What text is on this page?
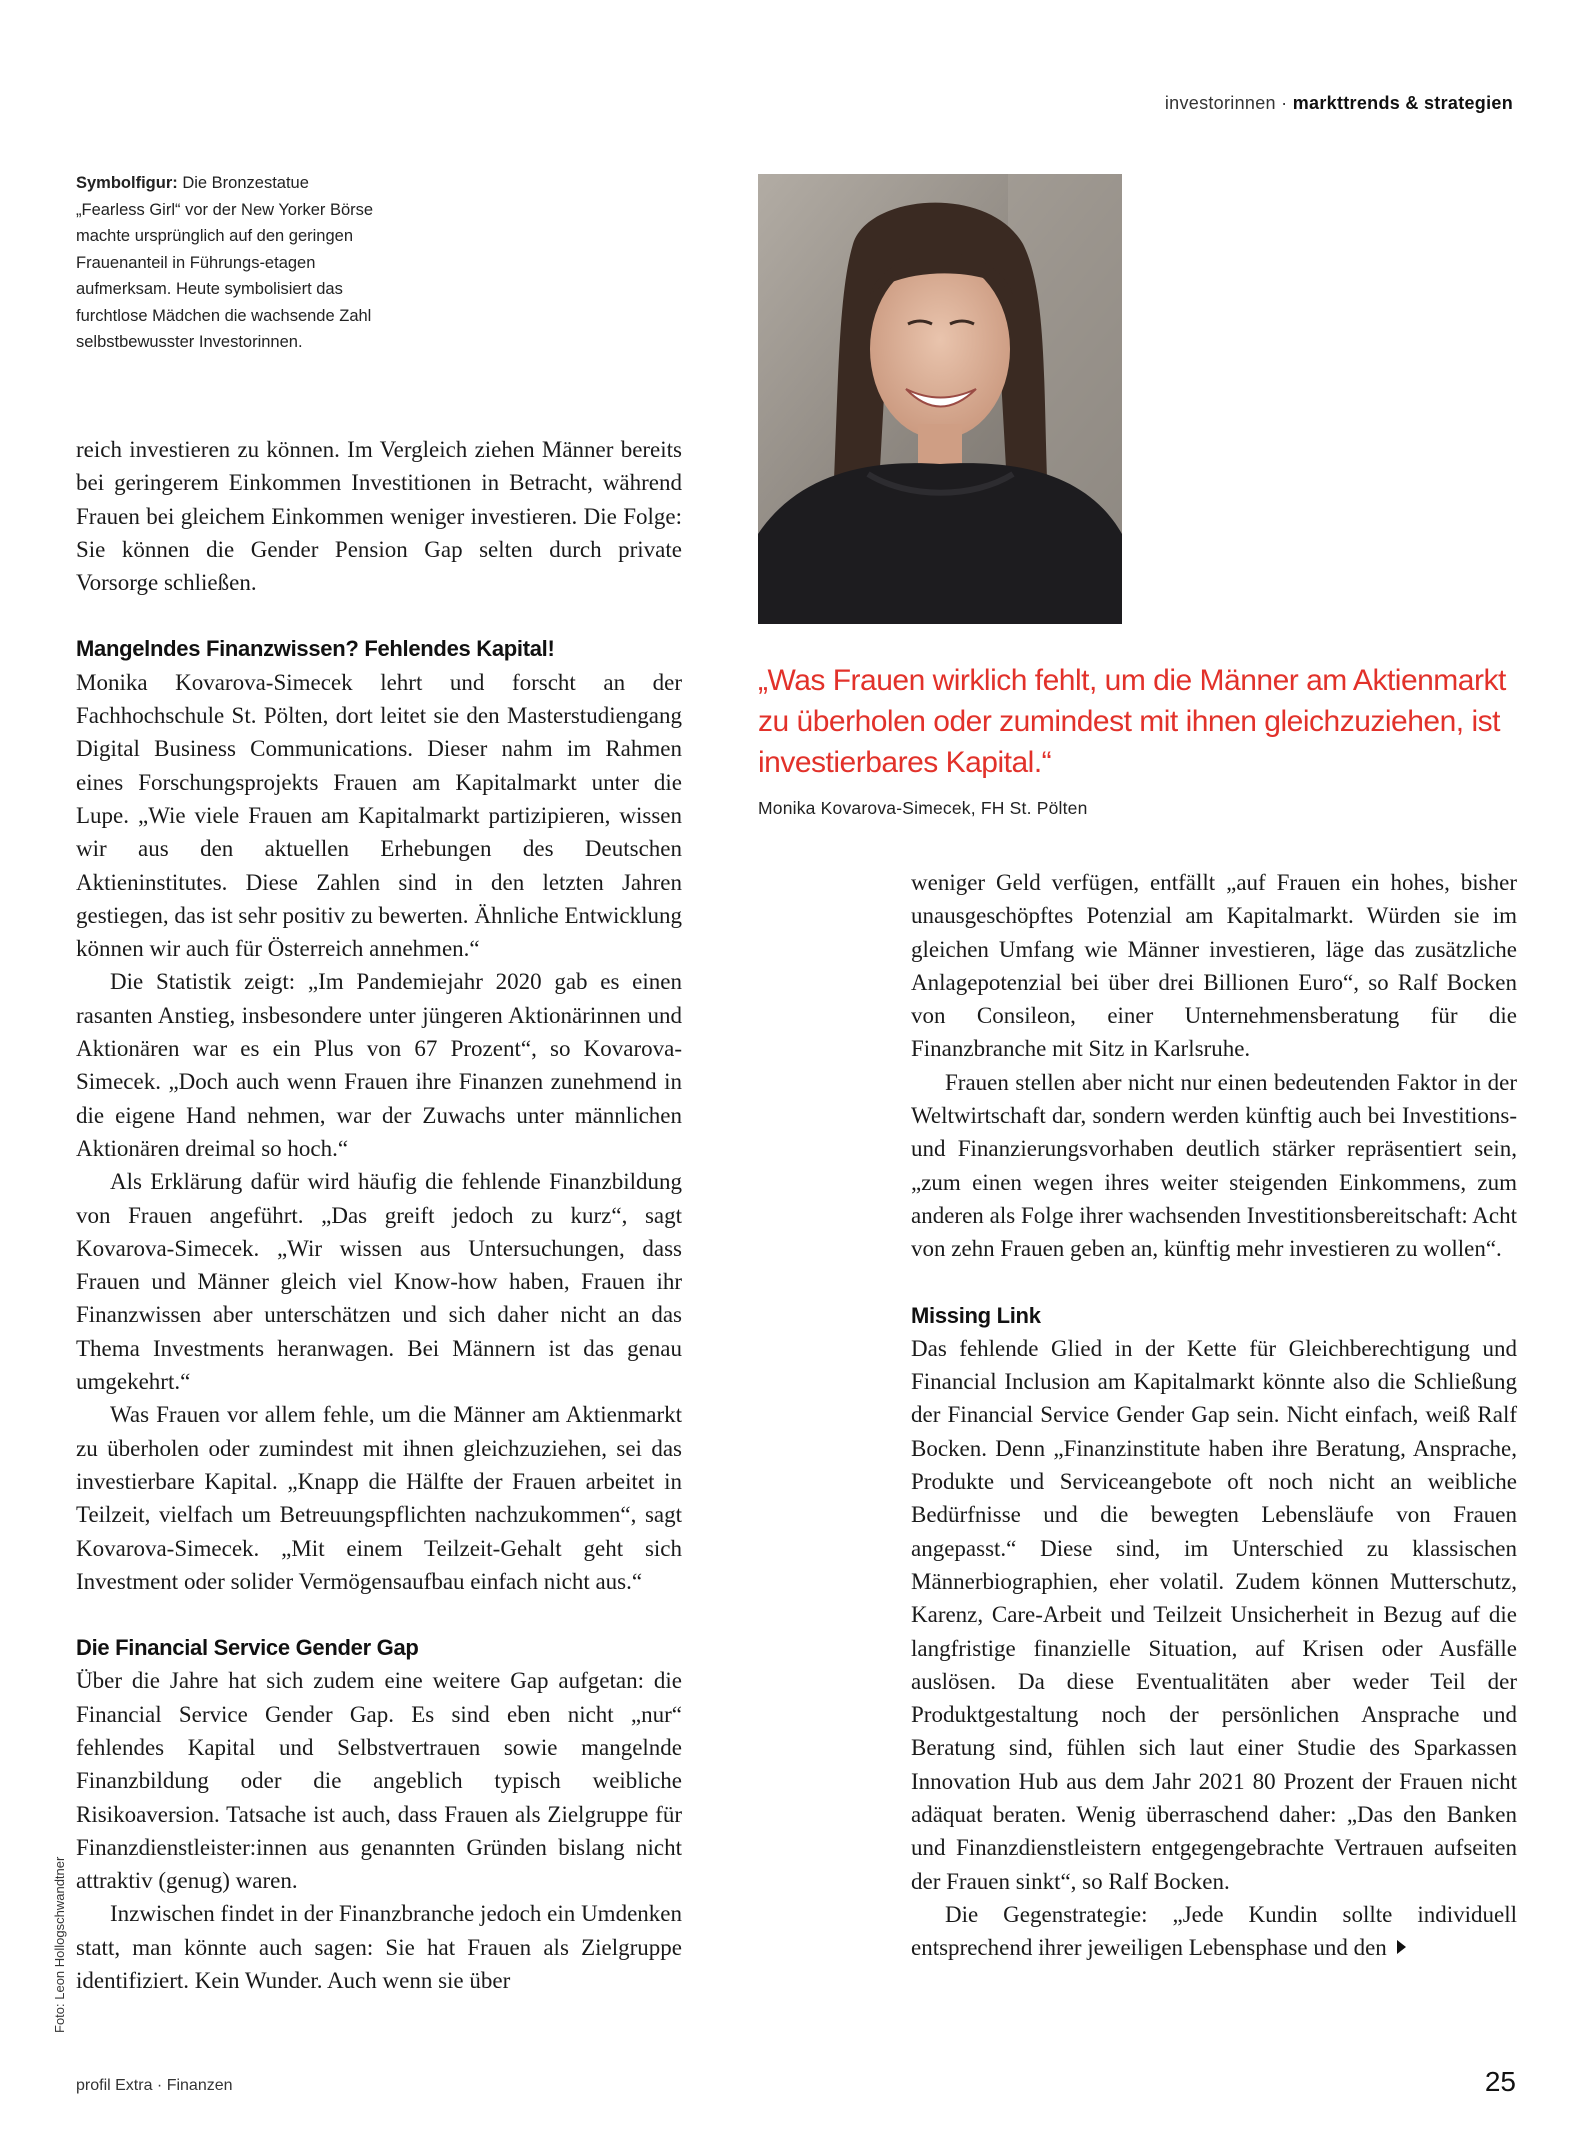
investorinnen · markttrends & strategien
Symbolfigur: Die Bronzestatue „Fearless Girl“ vor der New Yorker Börse machte ursprünglich auf den geringen Frauenanteil in Führungs-etagen aufmerksam. Heute symbolisiert das furchtlose Mädchen die wachsende Zahl selbstbewusster Investorinnen.
„Was Frauen wirklich fehlt, um die Männer am Aktienmarkt zu überholen oder zumindest mit ihnen gleichzuziehen, ist investierbares Kapital.“
Monika Kovarova-Simecek, FH St. Pölten

reich investieren zu können. Im Vergleich ziehen Männer bereits bei geringerem Einkommen Investitionen in Betracht, während Frauen bei gleichem Einkommen weniger investieren. Die Folge: Sie können die Gender Pension Gap selten durch private Vorsorge schließen.

Mangelndes Finanzwissen? Fehlendes Kapital!

Monika Kovarova-Simecek lehrt und forscht an der Fachhochschule St. Pölten, dort leitet sie den Masterstudiengang Digital Business Communications. Dieser nahm im Rahmen eines Forschungsprojekts Frauen am Kapitalmarkt unter die Lupe. „Wie viele Frauen am Kapitalmarkt partizipieren, wissen wir aus den aktuellen Erhebungen des Deutschen Aktieninstitutes. Diese Zahlen sind in den letzten Jahren gestiegen, das ist sehr positiv zu bewerten. Ähnliche Entwicklung können wir auch für Österreich annehmen.“

Die Statistik zeigt: „Im Pandemiejahr 2020 gab es einen rasanten Anstieg, insbesondere unter jüngeren Aktionärinnen und Aktionären war es ein Plus von 67 Prozent“, so Kovarova-Simecek. „Doch auch wenn Frauen ihre Finanzen zunehmend in die eigene Hand nehmen, war der Zuwachs unter männlichen Aktionären dreimal so hoch.“

Als Erklärung dafür wird häufig die fehlende Finanzbildung von Frauen angeführt. „Das greift jedoch zu kurz“, sagt Kovarova-Simecek. „Wir wissen aus Untersuchungen, dass Frauen und Männer gleich viel Know-how haben, Frauen ihr Finanzwissen aber unterschätzen und sich daher nicht an das Thema Investments heranwagen. Bei Männern ist das genau umgekehrt.“

Was Frauen vor allem fehle, um die Männer am Aktienmarkt zu überholen oder zumindest mit ihnen gleichzuziehen, sei das investierbare Kapital. „Knapp die Hälfte der Frauen arbeitet in Teilzeit, vielfach um Betreuungspflichten nachzukommen“, sagt Kovarova-Simecek. „Mit einem Teilzeit-Gehalt geht sich Investment oder solider Vermögensaufbau einfach nicht aus.“

Die Financial Service Gender Gap

Über die Jahre hat sich zudem eine weitere Gap aufgetan: die Financial Service Gender Gap. Es sind eben nicht „nur“ fehlendes Kapital und Selbstvertrauen sowie mangelnde Finanzbildung oder die angeblich typisch weibliche Risikoaversion. Tatsache ist auch, dass Frauen als Zielgruppe für Finanzdienstleister:innen aus genannten Gründen bislang nicht attraktiv (genug) waren.

Inzwischen findet in der Finanzbranche jedoch ein Umdenken statt, man könnte auch sagen: Sie hat Frauen als Zielgruppe identifiziert. Kein Wunder. Auch wenn sie über

weniger Geld verfügen, entfällt „auf Frauen ein hohes, bisher unausgeschöpftes Potenzial am Kapitalmarkt. Würden sie im gleichen Umfang wie Männer investieren, läge das zusätzliche Anlagepotenzial bei über drei Billionen Euro“, so Ralf Bocken von Consileon, einer Unternehmensberatung für die Finanzbranche mit Sitz in Karlsruhe.

Frauen stellen aber nicht nur einen bedeutenden Faktor in der Weltwirtschaft dar, sondern werden künftig auch bei Investitions- und Finanzierungsvorhaben deutlich stärker repräsentiert sein, „zum einen wegen ihres weiter steigenden Einkommens, zum anderen als Folge ihrer wachsenden Investitionsbereitschaft: Acht von zehn Frauen geben an, künftig mehr investieren zu wollen“.

Missing Link

Das fehlende Glied in der Kette für Gleichberechtigung und Financial Inclusion am Kapitalmarkt könnte also die Schließung der Financial Service Gender Gap sein. Nicht einfach, weiß Ralf Bocken. Denn „Finanzinstitute haben ihre Beratung, Ansprache, Produkte und Serviceangebote oft noch nicht an weibliche Bedürfnisse und die bewegten Lebensläufe von Frauen angepasst.“ Diese sind, im Unterschied zu klassischen Männerbiographien, eher volatil. Zudem können Mutterschutz, Karenz, Care-Arbeit und Teilzeit Unsicherheit in Bezug auf die langfristige finanzielle Situation, auf Krisen oder Ausfälle auslösen. Da diese Eventualitäten aber weder Teil der Produktgestaltung noch der persönlichen Ansprache und Beratung sind, fühlen sich laut einer Studie des Sparkassen Innovation Hub aus dem Jahr 2021 80 Prozent der Frauen nicht adäquat beraten. Wenig überraschend daher: „Das den Banken und Finanzdienstleistern entgegengebrachte Vertrauen aufseiten der Frauen sinkt“, so Ralf Bocken.

Die Gegenstrategie: „Jede Kundin sollte individuell entsprechend ihrer jeweiligen Lebensphase und den

Foto: Leon Hollogschwandtner
profil Extra · Finanzen	25
